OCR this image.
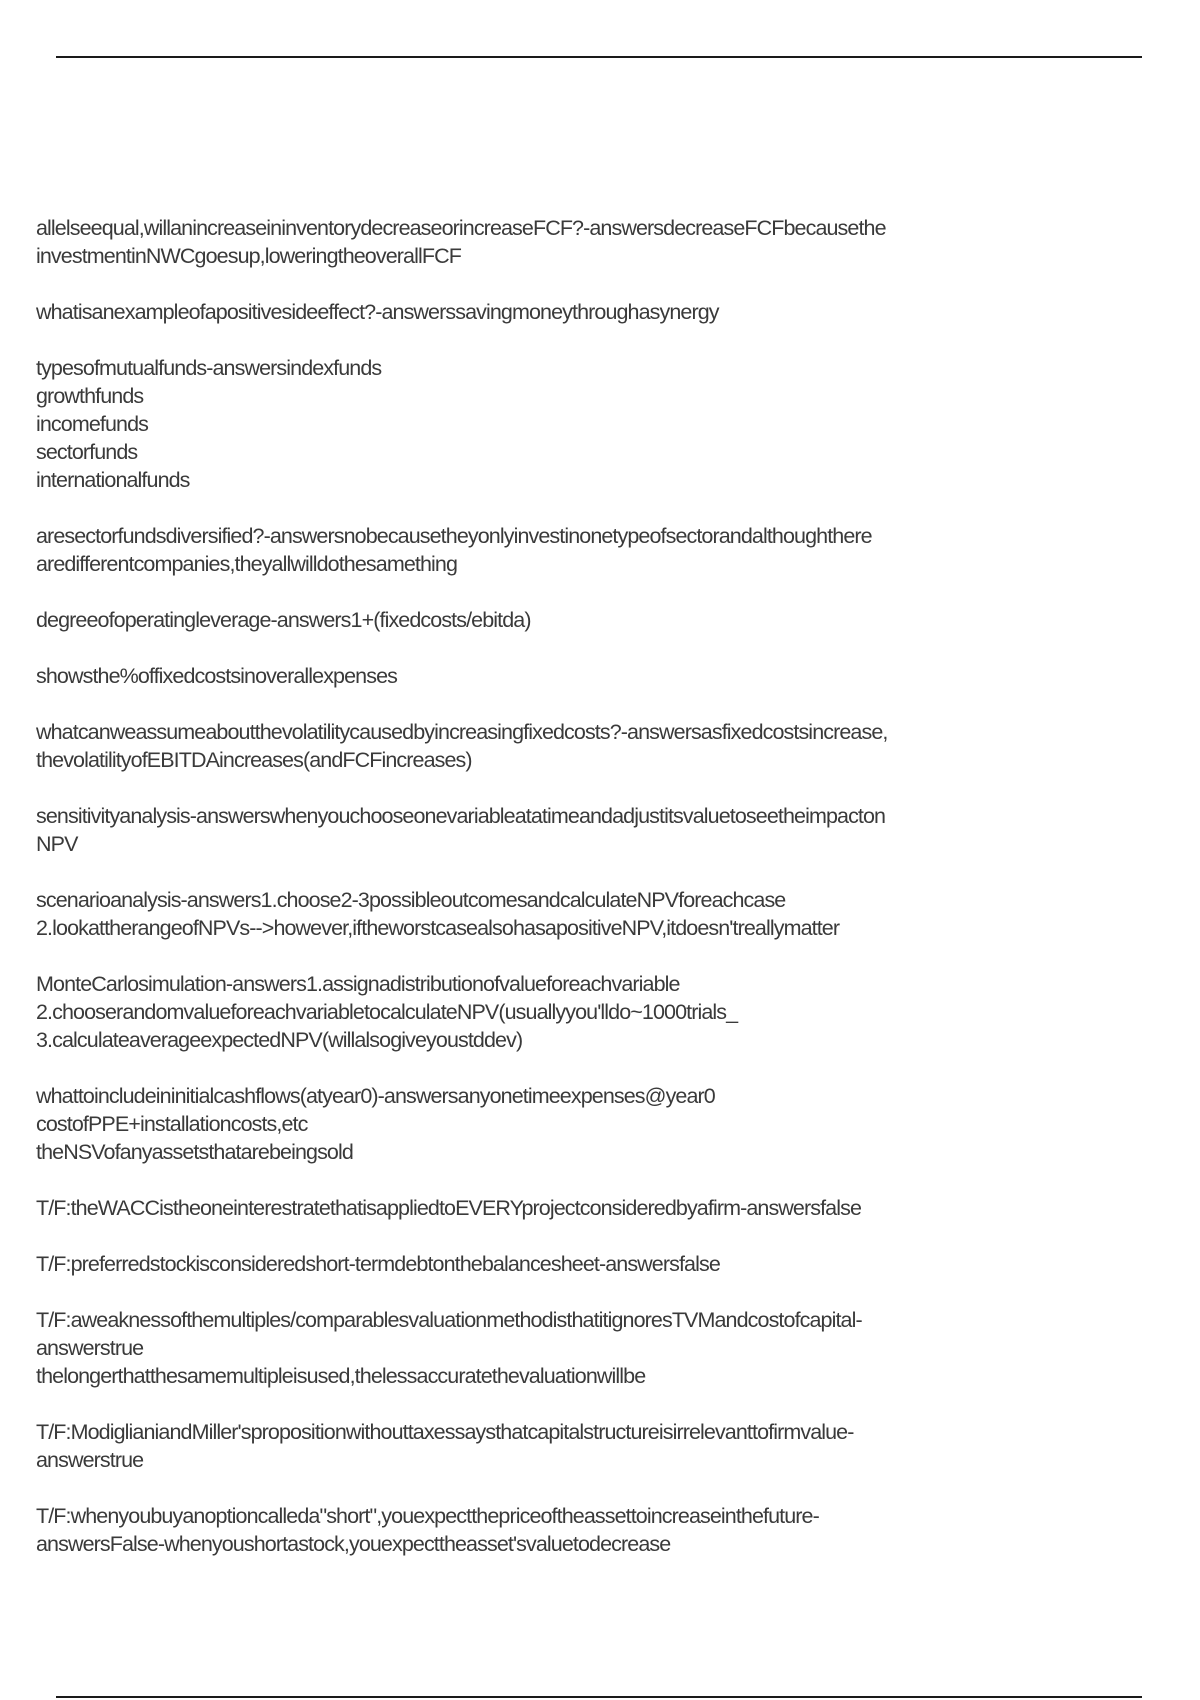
allelseequal,willanincreaseininventorydecreaseorincreaseFCF?-answersdecreaseFCFbecausethe
investmentinNWCgoesup,loweringtheoverallFCF
whatisanexampleofapositivesideeffect?-answerssavingmoneythroughasynergy
typesofmutualfunds-answersindexfunds
growthfunds
incomefunds
sectorfunds
internationalfunds
aresectorfundsdiversified?-answersnobecausetheyonlyinvestinonetypeofsectorandalthoughthere
aredifferentcompanies,theyallwilldothesamething
degreeofoperatingleverage-answers1+(fixedcosts/ebitda)
showsthe%offixedcostsinoverallexpenses
whatcanweassumeaboutthevolatilitycausedbyincreasingfixedcosts?-answersasfixedcostsincrease,
thevolatilityofEBITDAincreases(andFCFincreases)
sensitivityanalysis-answerswhenyouchooseonevariableatatimeandadjustitsvaluetoseetheimpacton
NPV
scenarioanalysis-answers1.choose2-3possibleoutcomesandcalculateNPVforeachcase
2.lookattherangeofNPVs-->however,iftheworstcasealsohasapositiveNPV,itdoesn'treallymatter
MonteCarlosimulation-answers1.assignadistributionofvalueforeachvariable
2.chooserandomvalueforeachvariabletocalculateNPV(usuallyyou'lldo~1000trials_
3.calculateaverageexpectedNPV(willalsogiveyoustddev)
whattoincludeininitialcashflows(atyear0)-answersanyonetimeexpenses@year0
costofPPE+installationcosts,etc
theNSVofanyassetsthatarebeingsold
T/F:theWACCistheoneinterestratethatisappliedtoEVERYprojectconsideredbyafirm-answersfalse
T/F:preferredstockisconsideredshort-termdebtonthebalancesheet-answersfalse
T/F:aweaknessofthemultiples/comparablesvaluationmethodisthatitignoresTVMandcostofcapital-
answerstrue
thelongerthatthesamemultipleisused,thelessaccuratethevaluationwillbe
T/F:ModiglianiandMiller'spropositionwithouttaxessaysthatcapitalstructureisirrelevanttofirmvalue-
answerstrue
T/F:whenyoubuyanoptioncalleda"short",youexpectthepriceoftheassettoincreaseinthefuture-
answersFalse-whenyoushortastock,youexpecttheasset'svaluetodecrease
